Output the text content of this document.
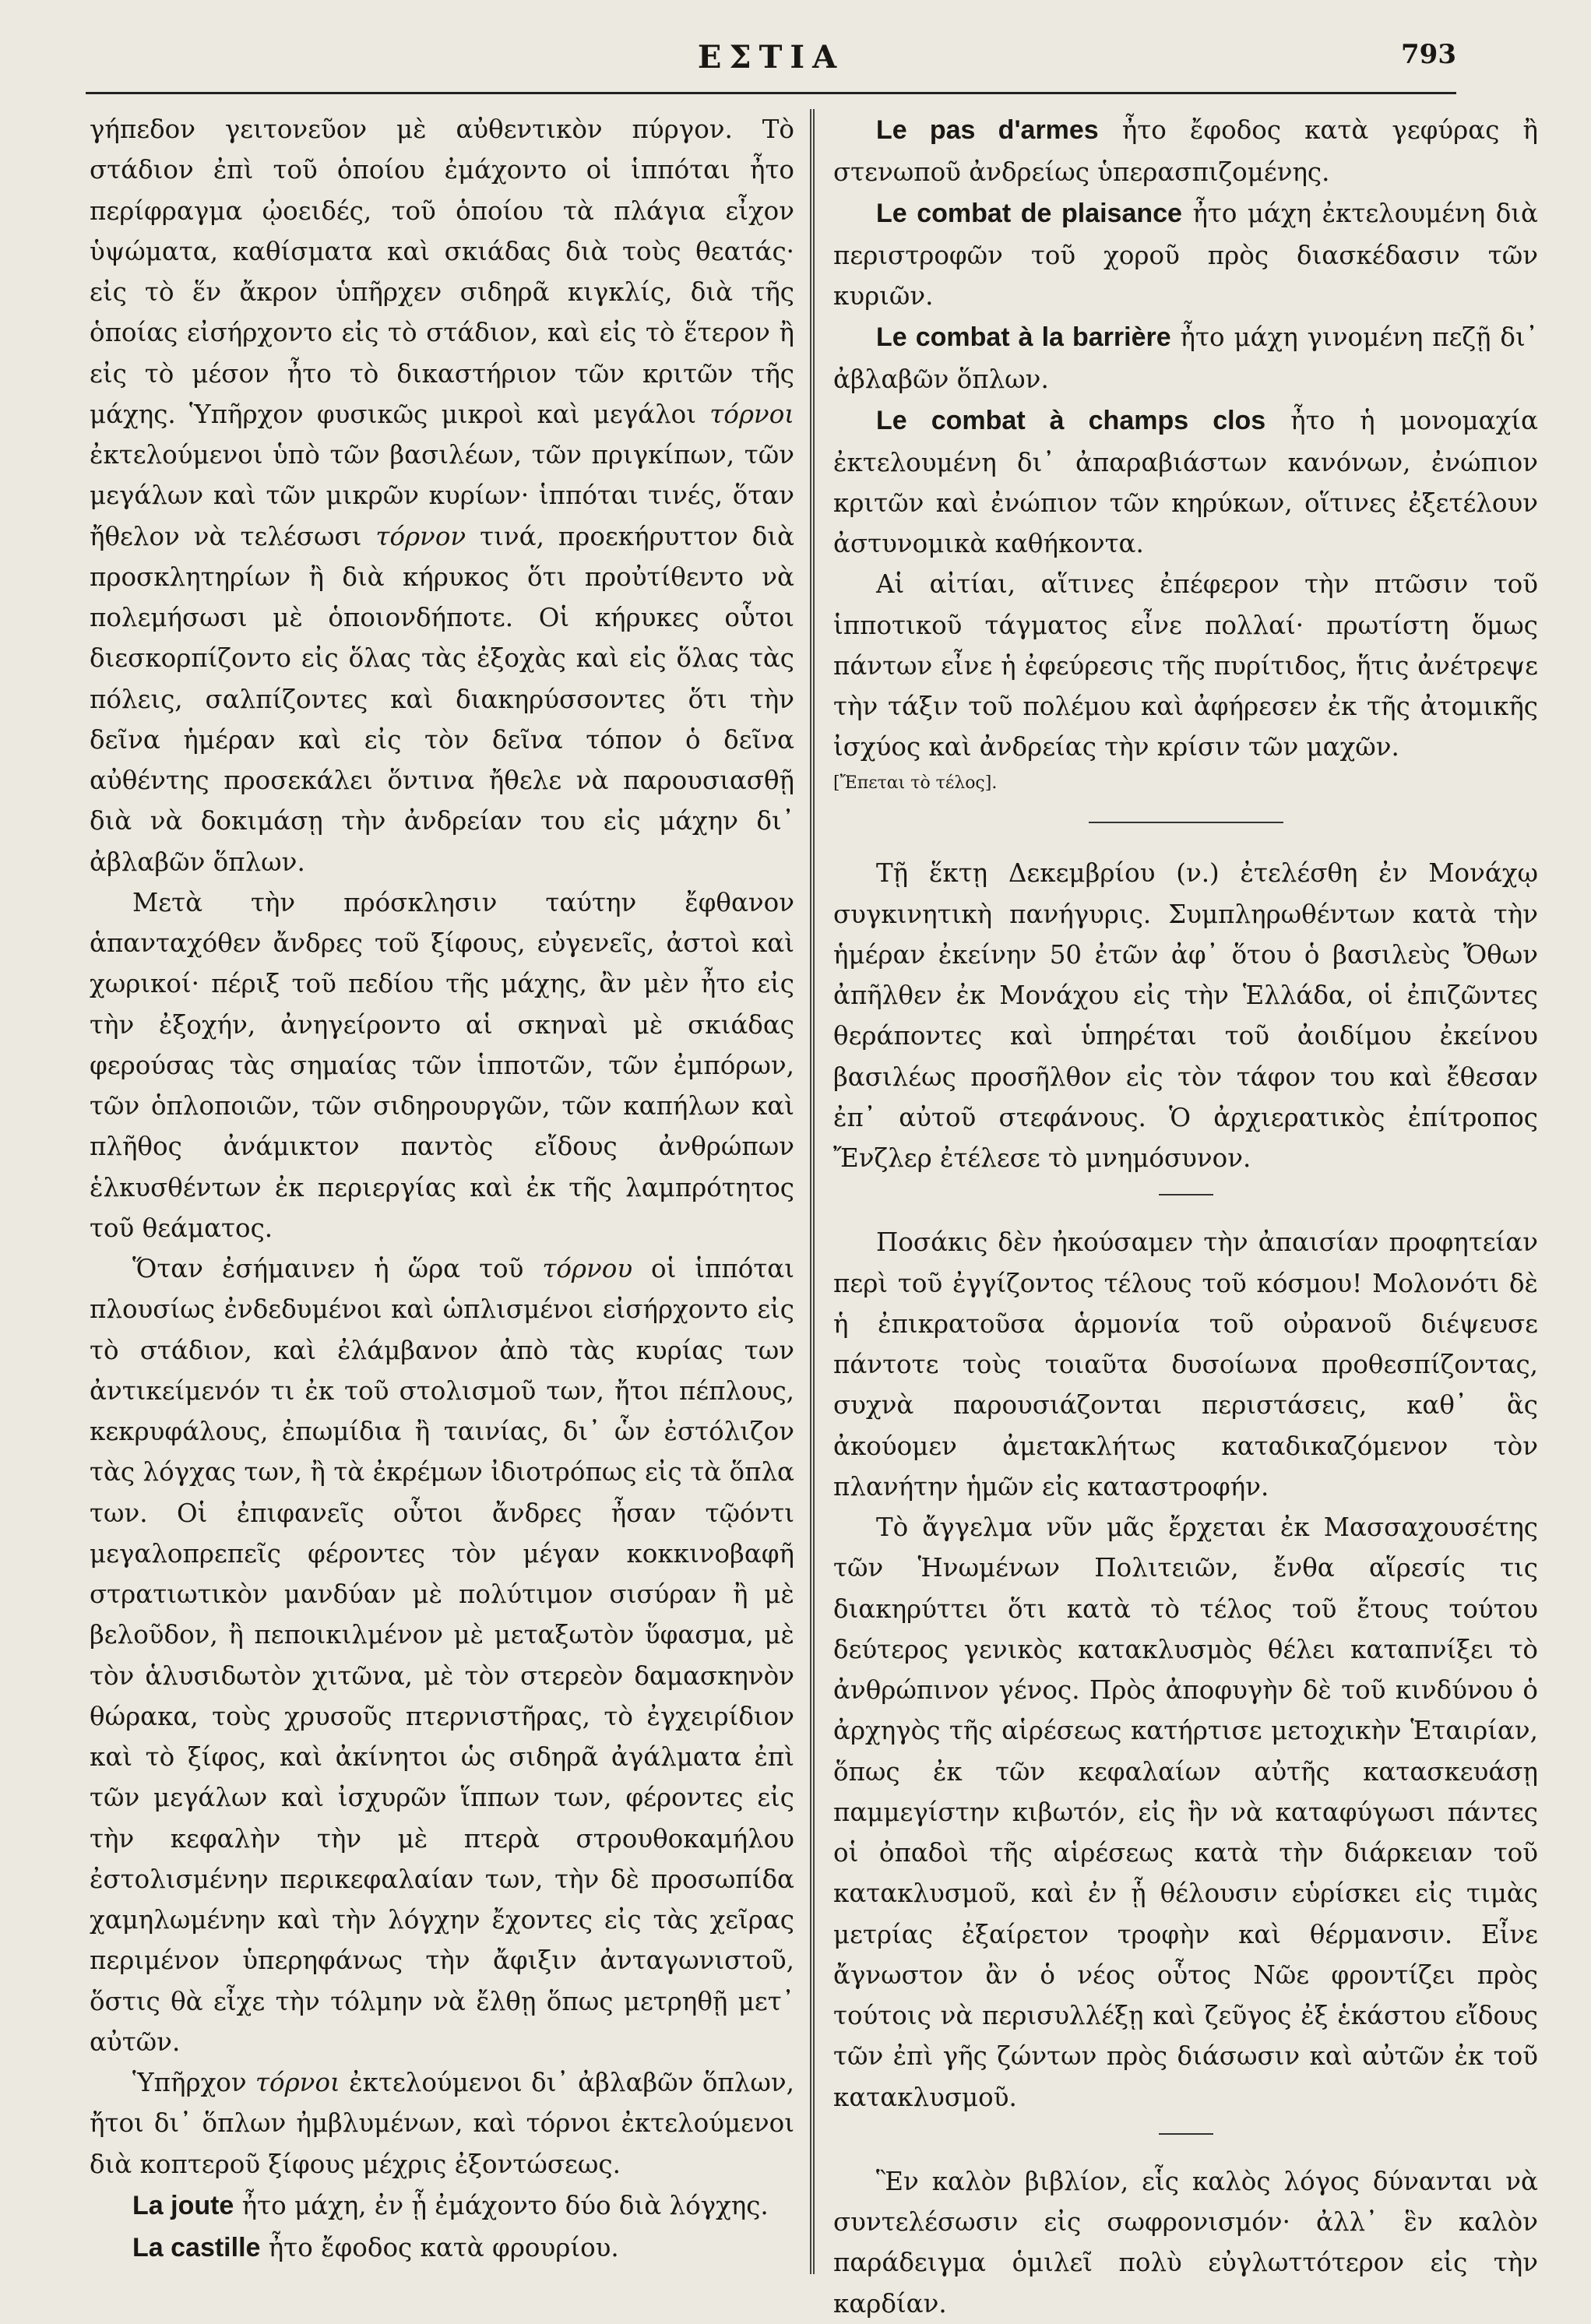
ΕΣΤΙΑ	793

γήπεδον γειτονεῦον μὲ αὐθεντικὸν πύργον. Τὸ στάδιον ἐπὶ τοῦ ὁποίου ἐμάχοντο οἱ ἱππόται ἦτο περίφραγμα ᾠοειδές, τοῦ ὁποίου τὰ πλάγια εἶχον ὑψώματα, καθίσματα καὶ σκιάδας διὰ τοὺς θεατάς· εἰς τὸ ἕν ἄκρον ὑπῆρχεν σιδηρᾶ κιγκλίς, διὰ τῆς ὁποίας εἰσήρχοντο εἰς τὸ στάδιον, καὶ εἰς τὸ ἕτερον ἢ εἰς τὸ μέσον ἦτο τὸ δικαστήριον τῶν κριτῶν τῆς μάχης. Ὑπῆρχον φυσικῶς μικροὶ καὶ μεγάλοι τόρνοι ἐκτελούμενοι ὑπὸ τῶν βασιλέων, τῶν πριγκίπων, τῶν μεγάλων καὶ τῶν μικρῶν κυρίων· ἱππόται τινές, ὅταν ἤθελον νὰ τελέσωσι τόρνον τινά, προεκήρυττον διὰ προσκλητηρίων ἢ διὰ κήρυκος ὅτι προὐτίθεντο νὰ πολεμήσωσι μὲ ὁποιονδήποτε. Οἱ κήρυκες οὗτοι διεσκορπίζοντο εἰς ὅλας τὰς ἐξοχὰς καὶ εἰς ὅλας τὰς πόλεις, σαλπίζοντες καὶ διακηρύσσοντες ὅτι τὴν δεῖνα ἡμέραν καὶ εἰς τὸν δεῖνα τόπον ὁ δεῖνα αὐθέντης προσεκάλει ὅντινα ἤθελε νὰ παρουσιασθῇ διὰ νὰ δοκιμάσῃ τὴν ἀνδρείαν του εἰς μάχην δι᾽ ἀβλαβῶν ὅπλων.

Μετὰ τὴν πρόσκλησιν ταύτην ἔφθανον ἁπανταχόθεν ἄνδρες τοῦ ξίφους, εὐγενεῖς, ἀστοὶ καὶ χωρικοί· πέριξ τοῦ πεδίου τῆς μάχης, ἂν μὲν ἦτο εἰς τὴν ἐξοχήν, ἀνηγείροντο αἱ σκηναὶ μὲ σκιάδας φερούσας τὰς σημαίας τῶν ἱπποτῶν, τῶν ἐμπόρων, τῶν ὁπλοποιῶν, τῶν σιδηρουργῶν, τῶν καπήλων καὶ πλῆθος ἀνάμικτον παντὸς εἴδους ἀνθρώπων ἑλκυσθέντων ἐκ περιεργίας καὶ ἐκ τῆς λαμπρότητος τοῦ θεάματος.

Ὅταν ἐσήμαινεν ἡ ὥρα τοῦ τόρνου οἱ ἱππόται πλουσίως ἐνδεδυμένοι καὶ ὡπλισμένοι εἰσήρχοντο εἰς τὸ στάδιον, καὶ ἐλάμβανον ἀπὸ τὰς κυρίας των ἀντικείμενόν τι ἐκ τοῦ στολισμοῦ των, ἤτοι πέπλους, κεκρυφάλους, ἐπωμίδια ἢ ταινίας, δι᾽ ὧν ἐστόλιζον τὰς λόγχας των, ἢ τὰ ἐκρέμων ἰδιοτρόπως εἰς τὰ ὅπλα των. Οἱ ἐπιφανεῖς οὗτοι ἄνδρες ἦσαν τῷόντι μεγαλοπρεπεῖς φέροντες τὸν μέγαν κοκκινοβαφῆ στρατιωτικὸν μανδύαν μὲ πολύτιμον σισύραν ἢ μὲ βελοῦδον, ἢ πεποικιλμένον μὲ μεταξωτὸν ὕφασμα, μὲ τὸν ἁλυσιδωτὸν χιτῶνα, μὲ τὸν στερεὸν δαμασκηνὸν θώρακα, τοὺς χρυσοῦς πτερνιστῆρας, τὸ ἐγχειρίδιον καὶ τὸ ξίφος, καὶ ἀκίνητοι ὡς σιδηρᾶ ἀγάλματα ἐπὶ τῶν μεγάλων καὶ ἰσχυρῶν ἵππων των, φέροντες εἰς τὴν κεφαλὴν τὴν μὲ πτερὰ στρουθοκαμήλου ἐστολισμένην περικεφαλαίαν των, τὴν δὲ προσωπίδα χαμηλωμένην καὶ τὴν λόγχην ἔχοντες εἰς τὰς χεῖρας περιμένον ὑπερηφάνως τὴν ἄφιξιν ἀνταγωνιστοῦ, ὅστις θὰ εἶχε τὴν τόλμην νὰ ἔλθῃ ὅπως μετρηθῇ μετ᾽ αὐτῶν.

Ὑπῆρχον τόρνοι ἐκτελούμενοι δι᾽ ἀβλαβῶν ὅπλων, ἤτοι δι᾽ ὅπλων ἠμβλυμένων, καὶ τόρνοι ἐκτελούμενοι διὰ κοπτεροῦ ξίφους μέχρις ἐξοντώσεως.

La joute ἦτο μάχη, ἐν ᾗ ἐμάχοντο δύο διὰ λόγχης.

La castille ἦτο ἔφοδος κατὰ φρουρίου.

Le pas d'armes ἦτο ἔφοδος κατὰ γεφύρας ἢ στενωποῦ ἀνδρείως ὑπερασπιζομένης.

Le combat de plaisance ἦτο μάχη ἐκτελουμένη διὰ περιστροφῶν τοῦ χοροῦ πρὸς διασκέδασιν τῶν κυριῶν.

Le combat à la barrière ἦτο μάχη γινομένη πεζῇ δι᾽ ἀβλαβῶν ὅπλων.

Le combat à champs clos ἦτο ἡ μονομαχία ἐκτελουμένη δι᾽ ἀπαραβιάστων κανόνων, ἐνώπιον κριτῶν καὶ ἐνώπιον τῶν κηρύκων, οἵτινες ἐξετέλουν ἀστυνομικὰ καθήκοντα.

Αἱ αἰτίαι, αἵτινες ἐπέφερον τὴν πτῶσιν τοῦ ἱπποτικοῦ τάγματος εἶνε πολλαί· πρωτίστη ὅμως πάντων εἶνε ἡ ἐφεύρεσις τῆς πυρίτιδος, ἥτις ἀνέτρεψε τὴν τάξιν τοῦ πολέμου καὶ ἀφήρεσεν ἐκ τῆς ἀτομικῆς ἰσχύος καὶ ἀνδρείας τὴν κρίσιν τῶν μαχῶν.

[Ἔπεται τὸ τέλος].

Τῇ ἕκτῃ Δεκεμβρίου (ν.) ἐτελέσθη ἐν Μονάχῳ συγκινητικὴ πανήγυρις. Συμπληρωθέντων κατὰ τὴν ἡμέραν ἐκείνην 50 ἐτῶν ἀφ᾽ ὅτου ὁ βασιλεὺς Ὄθων ἀπῆλθεν ἐκ Μονάχου εἰς τὴν Ἑλλάδα, οἱ ἐπιζῶντες θεράποντες καὶ ὑπηρέται τοῦ ἀοιδίμου ἐκείνου βασιλέως προσῆλθον εἰς τὸν τάφον του καὶ ἔθεσαν ἐπ᾽ αὐτοῦ στεφάνους. Ὁ ἀρχιερατικὸς ἐπίτροπος Ἔνζλερ ἐτέλεσε τὸ μνημόσυνον.

Ποσάκις δὲν ἠκούσαμεν τὴν ἀπαισίαν προφητείαν περὶ τοῦ ἐγγίζοντος τέλους τοῦ κόσμου! Μολονότι δὲ ἡ ἐπικρατοῦσα ἁρμονία τοῦ οὐρανοῦ διέψευσε πάντοτε τοὺς τοιαῦτα δυσοίωνα προθεσπίζοντας, συχνὰ παρουσιάζονται περιστάσεις, καθ᾽ ἃς ἀκούομεν ἀμετακλήτως καταδικαζόμενον τὸν πλανήτην ἡμῶν εἰς καταστροφήν.

Τὸ ἄγγελμα νῦν μᾶς ἔρχεται ἐκ Μασσαχουσέτης τῶν Ἡνωμένων Πολιτειῶν, ἔνθα αἵρεσίς τις διακηρύττει ὅτι κατὰ τὸ τέλος τοῦ ἔτους τούτου δεύτερος γενικὸς κατακλυσμὸς θέλει καταπνίξει τὸ ἀνθρώπινον γένος. Πρὸς ἀποφυγὴν δὲ τοῦ κινδύνου ὁ ἀρχηγὸς τῆς αἱρέσεως κατήρτισε μετοχικὴν Ἑταιρίαν, ὅπως ἐκ τῶν κεφαλαίων αὐτῆς κατασκευάσῃ παμμεγίστην κιβωτόν, εἰς ἣν νὰ καταφύγωσι πάντες οἱ ὀπαδοὶ τῆς αἱρέσεως κατὰ τὴν διάρκειαν τοῦ κατακλυσμοῦ, καὶ ἐν ᾗ θέλουσιν εὑρίσκει εἰς τιμὰς μετρίας ἐξαίρετον τροφὴν καὶ θέρμανσιν. Εἶνε ἄγνωστον ἂν ὁ νέος οὗτος Νῶε φροντίζει πρὸς τούτοις νὰ περισυλλέξῃ καὶ ζεῦγος ἐξ ἑκάστου εἴδους τῶν ἐπὶ γῆς ζώντων πρὸς διάσωσιν καὶ αὐτῶν ἐκ τοῦ κατακλυσμοῦ.

Ἓν καλὸν βιβλίον, εἷς καλὸς λόγος δύνανται νὰ συντελέσωσιν εἰς σωφρονισμόν· ἀλλ᾽ ἓν καλὸν παράδειγμα ὁμιλεῖ πολὺ εὐγλωττότερον εἰς τὴν καρδίαν.
